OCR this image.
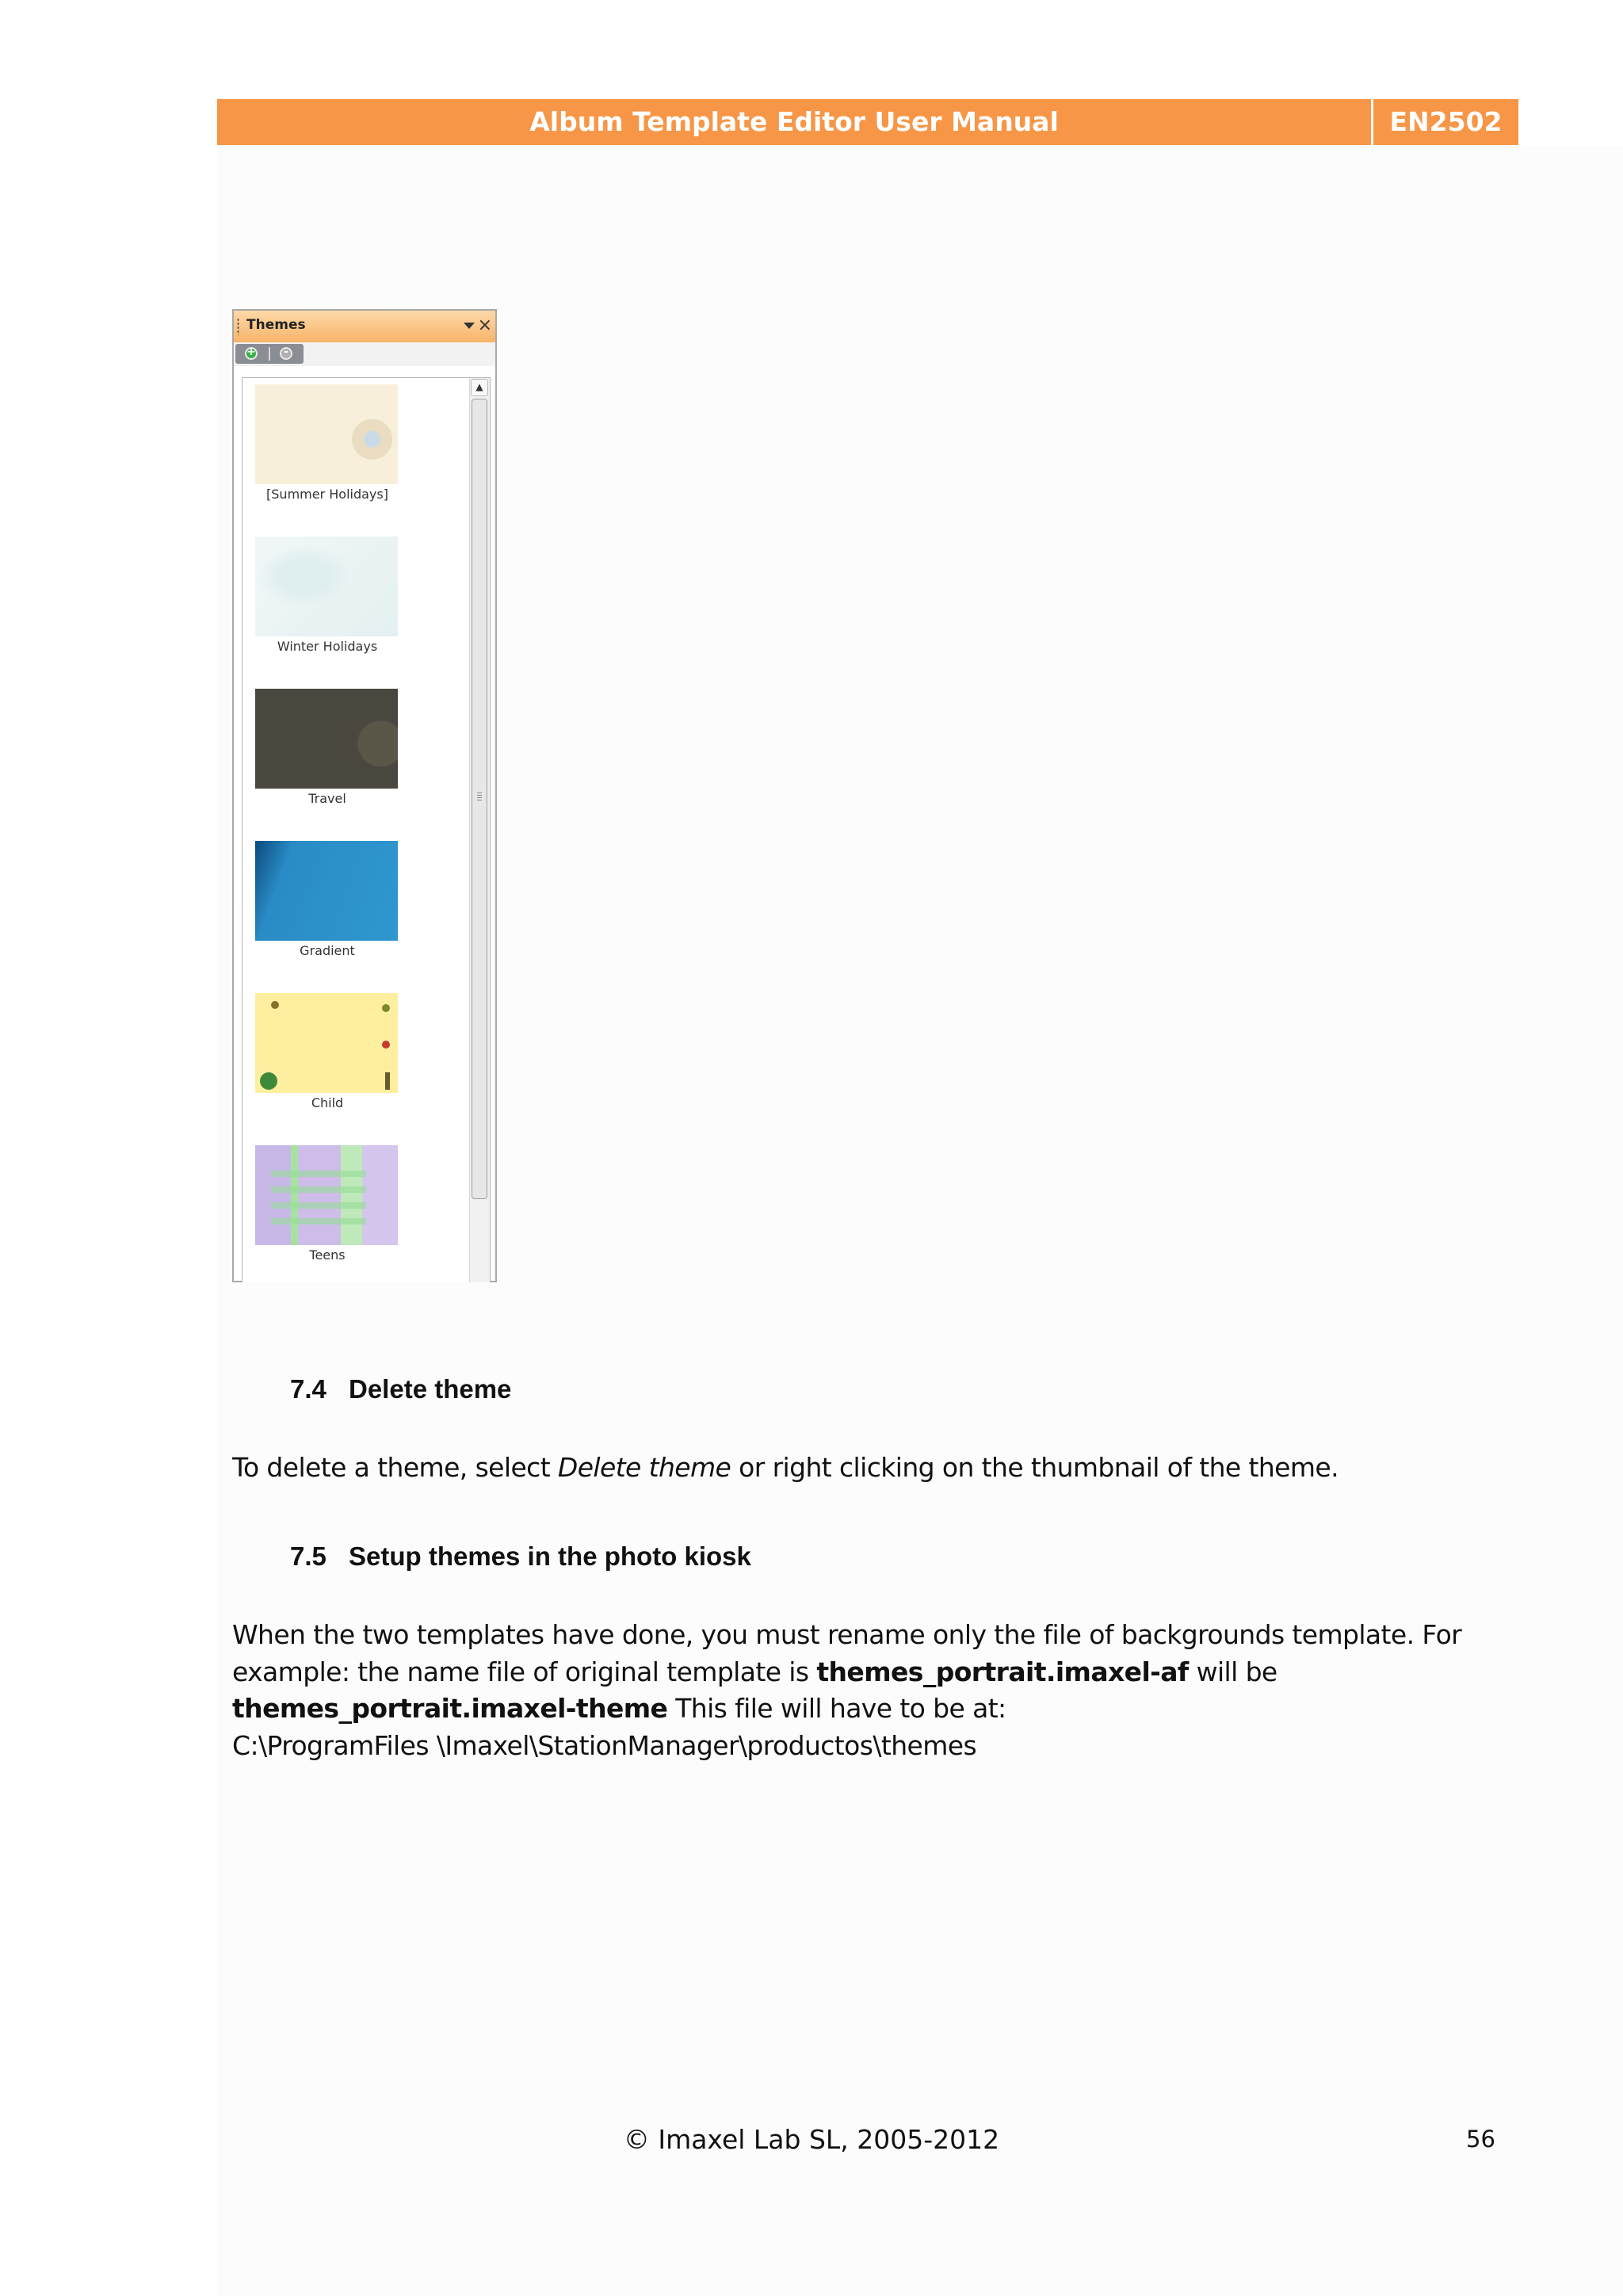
Album Template Editor User Manual	EN2502
Themes	×
+
-
[Summer Holidays]
Winter Holidays
Travel
Gradient
Child
Teens
▲
7.4 Delete theme
To delete a theme, select Delete theme or right clicking on the thumbnail of the theme.
7.5 Setup themes in the photo kiosk
When the two templates have done, you must rename only the file of backgrounds template. For
example: the name file of original template is themes_portrait.imaxel-af will be
themes_portrait.imaxel-theme This file will have to be at:
C:\ProgramFiles \Imaxel\StationManager\productos\themes
© Imaxel Lab SL, 2005-2012	56
